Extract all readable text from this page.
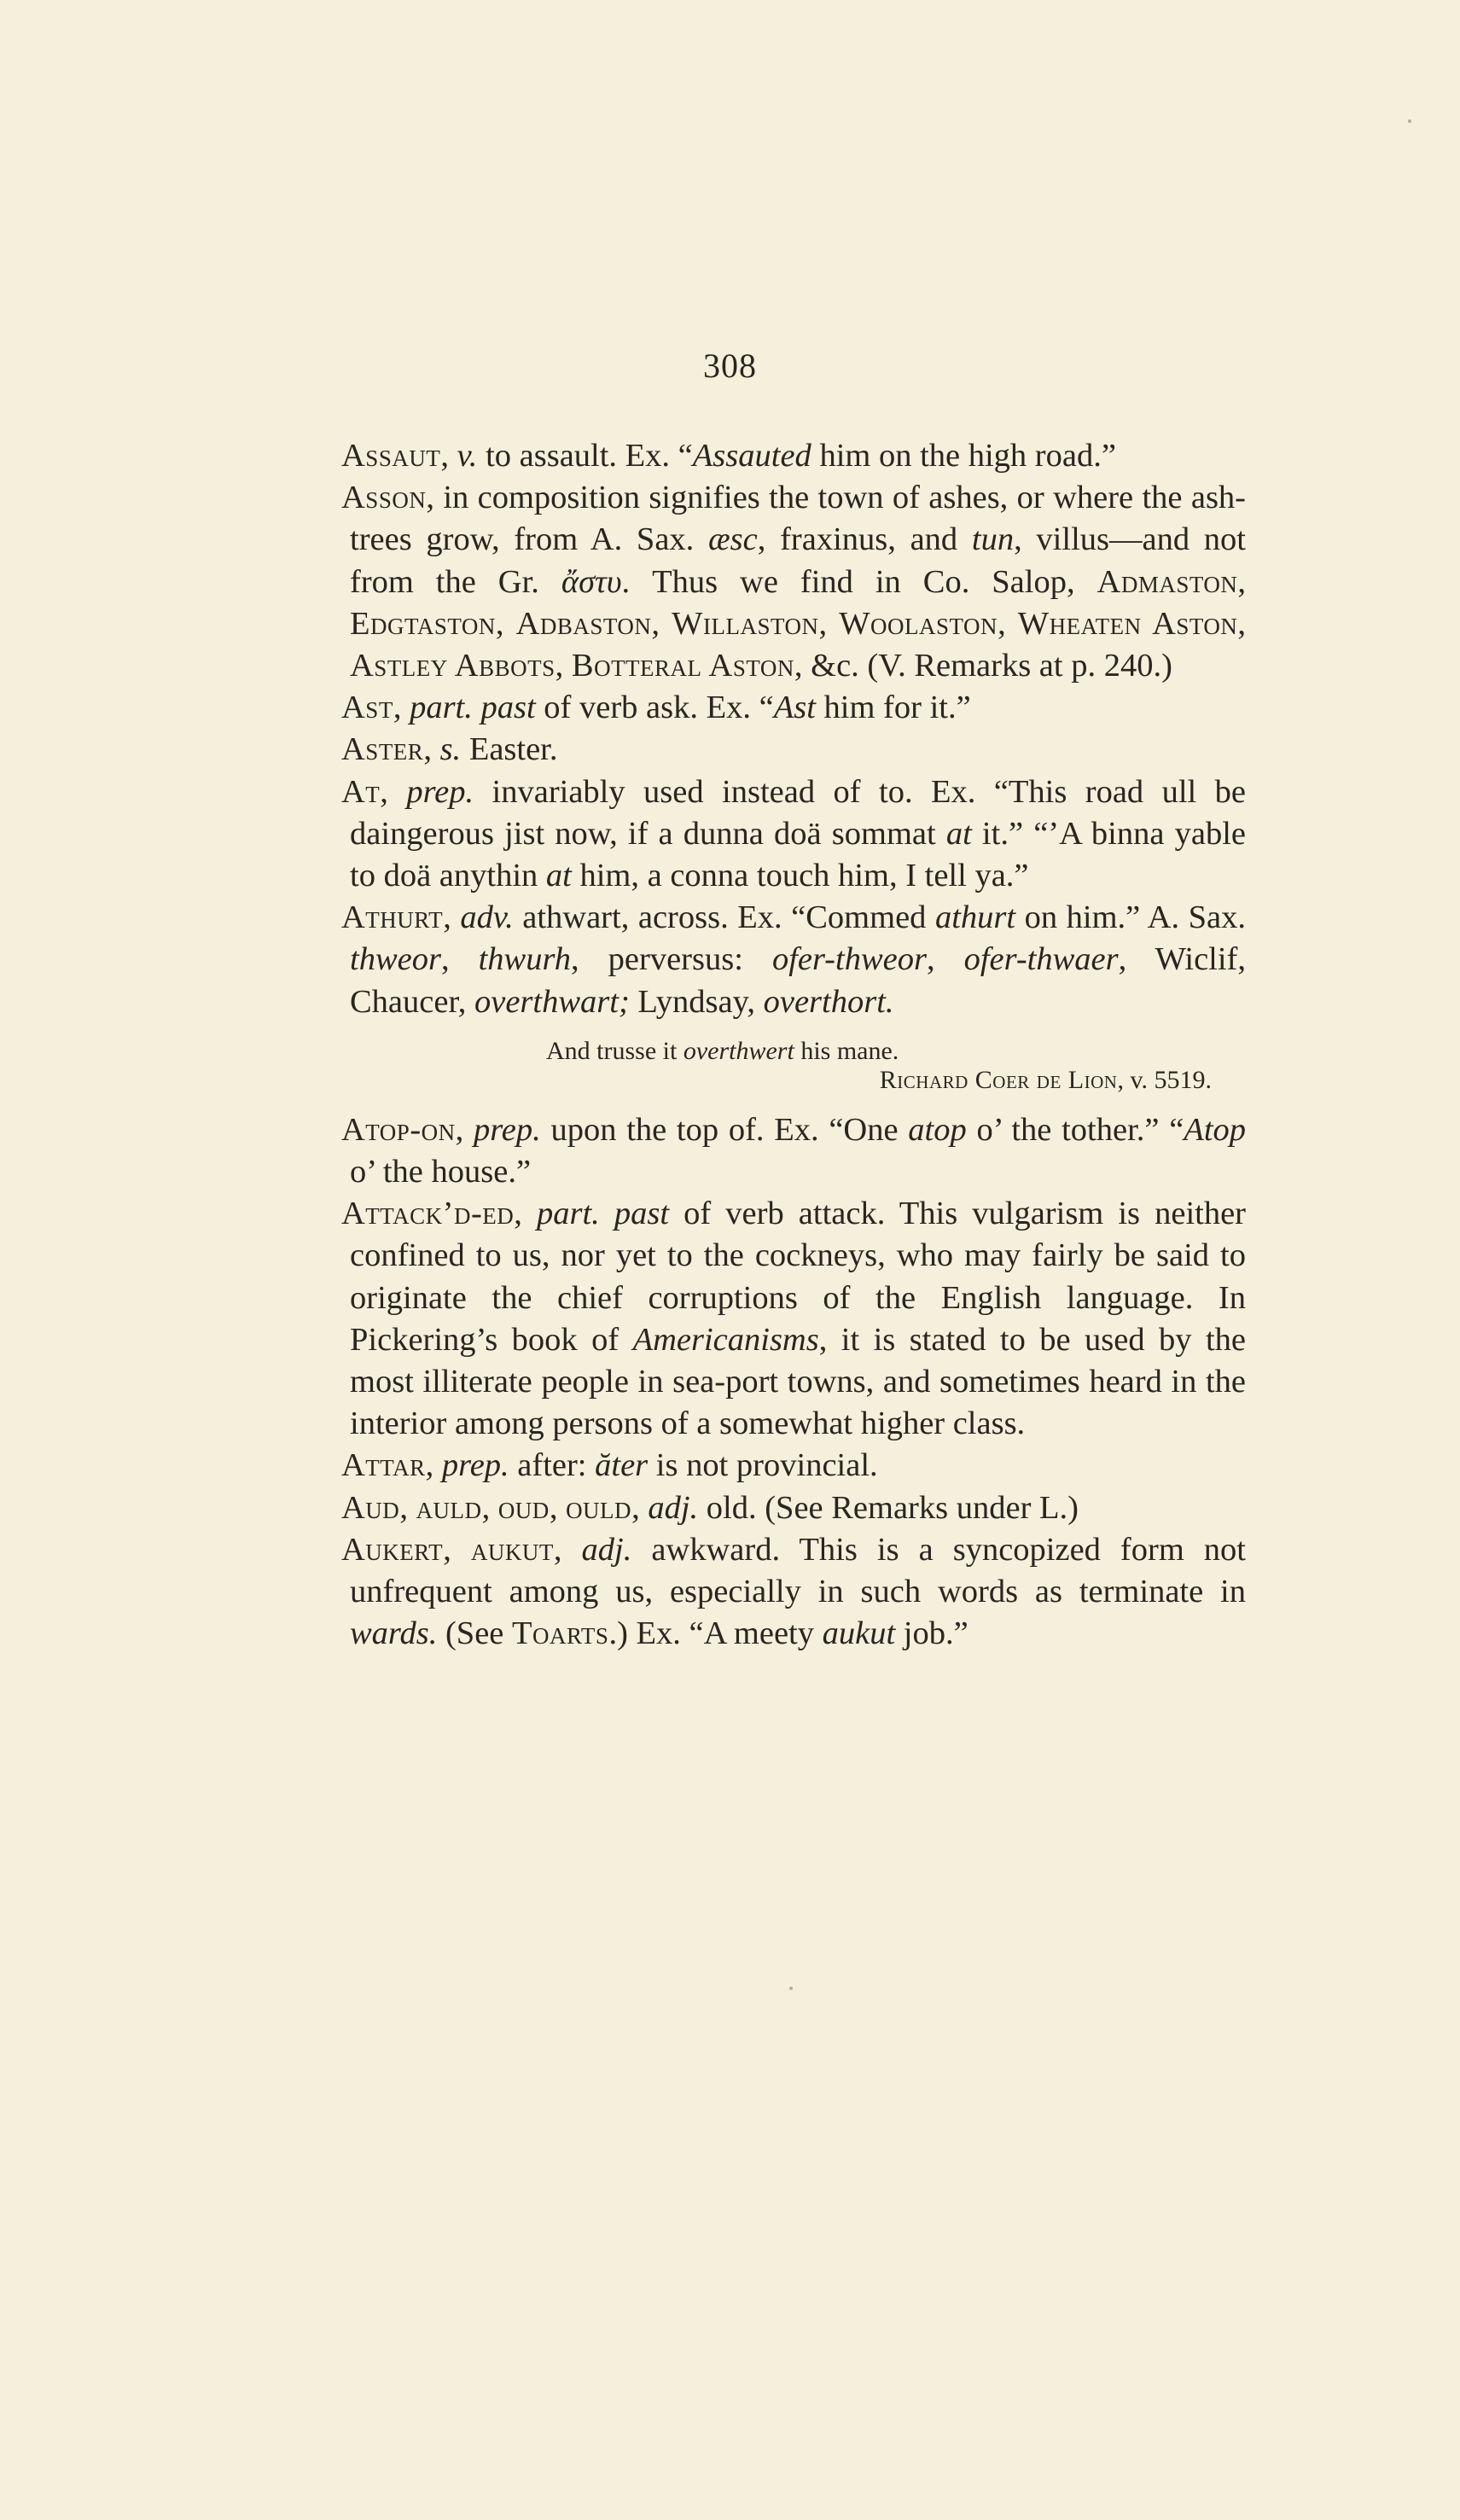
308

Assaut, v. to assault. Ex. “Assauted him on the high road.”

Asson, in composition signifies the town of ashes, or where the ash-trees grow, from A. Sax. æsc, fraxinus, and tun, villus—and not from the Gr. ἄστυ. Thus we find in Co. Salop, Admaston, Edgtaston, Adbaston, Willaston, Woolaston, Wheaten Aston, Astley Abbots, Botteral Aston, &c. (V. Remarks at p. 240.)

Ast, part. past of verb ask. Ex. “Ast him for it.”

Aster, s. Easter.

At, prep. invariably used instead of to. Ex. “This road ull be daingerous jist now, if a dunna doä sommat at it.” “’A binna yable to doä anythin at him, a conna touch him, I tell ya.”

Athurt, adv. athwart, across. Ex. “Commed athurt on him.” A. Sax. thweor, thwurh, perversus: ofer-thweor, ofer-thwaer, Wiclif, Chaucer, overthwart; Lyndsay, overthort.

And trusse it overthwert his mane.
Richard Coer de Lion, v. 5519.

Atop-on, prep. upon the top of. Ex. “One atop o’ the tother.” “Atop o’ the house.”

Attack’d-ed, part. past of verb attack. This vulgarism is neither confined to us, nor yet to the cockneys, who may fairly be said to originate the chief corruptions of the English language. In Pickering’s book of Americanisms, it is stated to be used by the most illiterate people in sea-port towns, and sometimes heard in the interior among persons of a somewhat higher class.

Attar, prep. after: ăter is not provincial.

Aud, auld, oud, ould, adj. old. (See Remarks under L.)

Aukert, aukut, adj. awkward. This is a syncopized form not unfrequent among us, especially in such words as terminate in wards. (See Toarts.) Ex. “A meety aukut job.”
